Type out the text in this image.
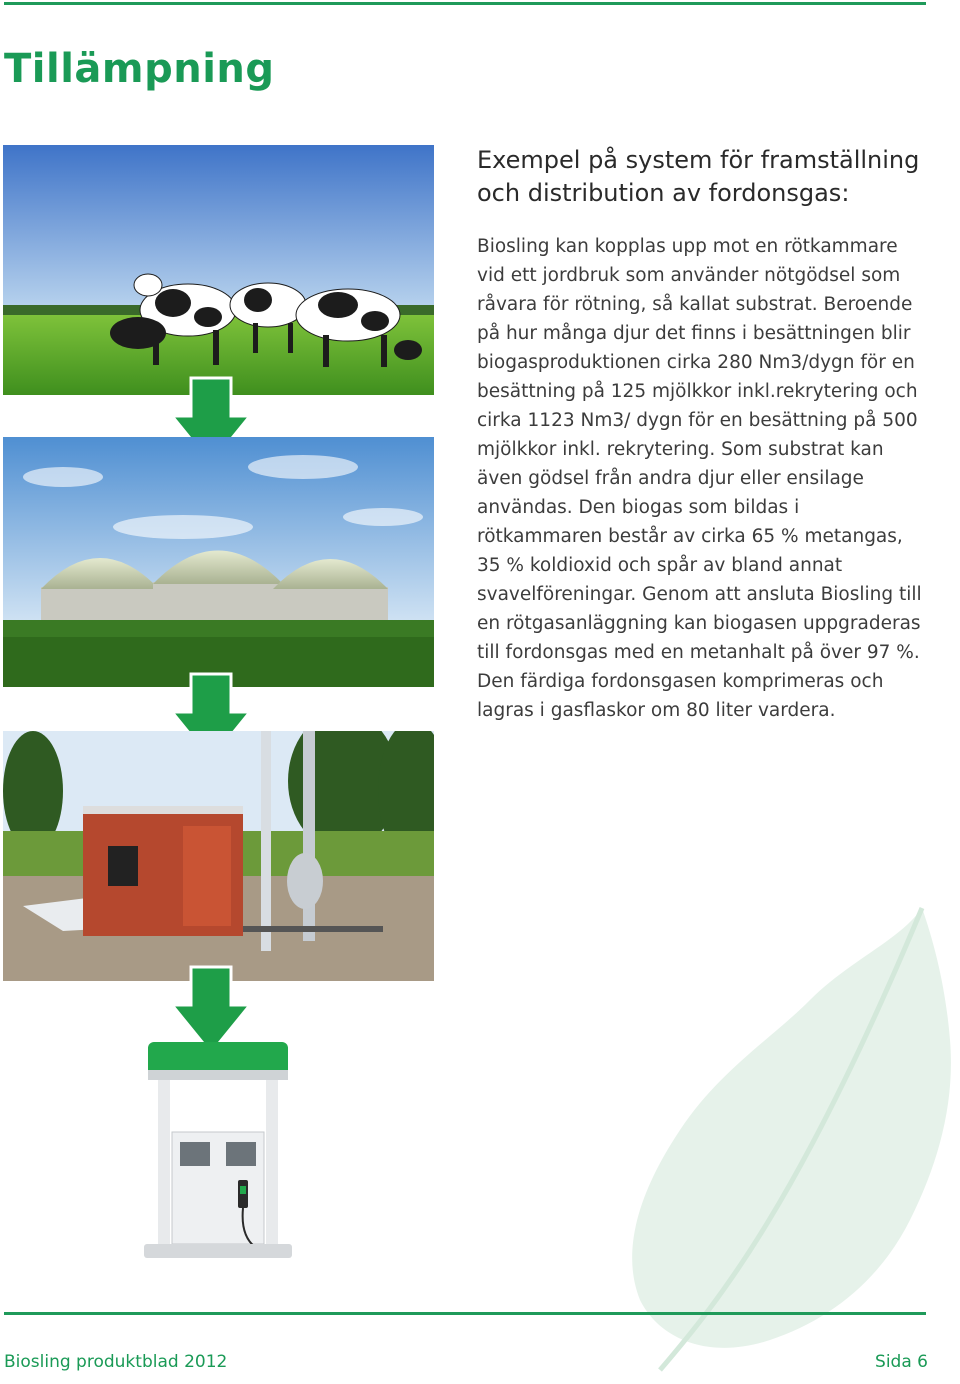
Tillämpning
Exempel på system för framställning
och distribution av fordonsgas:

Biosling kan kopplas upp mot en rötkammare vid ett jordbruk som använder nötgödsel som råvara för rötning, så kallat substrat. Beroende på hur många djur det finns i besättningen blir biogasproduktionen cirka 280 Nm3/dygn för en besättning på 125 mjölkkor inkl.rekrytering och cirka 1123 Nm3/ dygn för en besättning på 500 mjölkkor inkl. rekrytering. Som substrat kan även gödsel från andra djur eller ensilage användas. Den biogas som bildas i rötkammaren består av cirka 65 % metangas, 35 % koldioxid och spår av bland annat svavelföreningar. Genom att ansluta Biosling till en rötgasanläggning kan biogasen uppgraderas till fordonsgas med en metanhalt på över 97 %.

Den färdiga fordonsgasen komprimeras och lagras i gasflaskor om 80 liter vardera.

Biosling produktblad 2012	Sida 6
